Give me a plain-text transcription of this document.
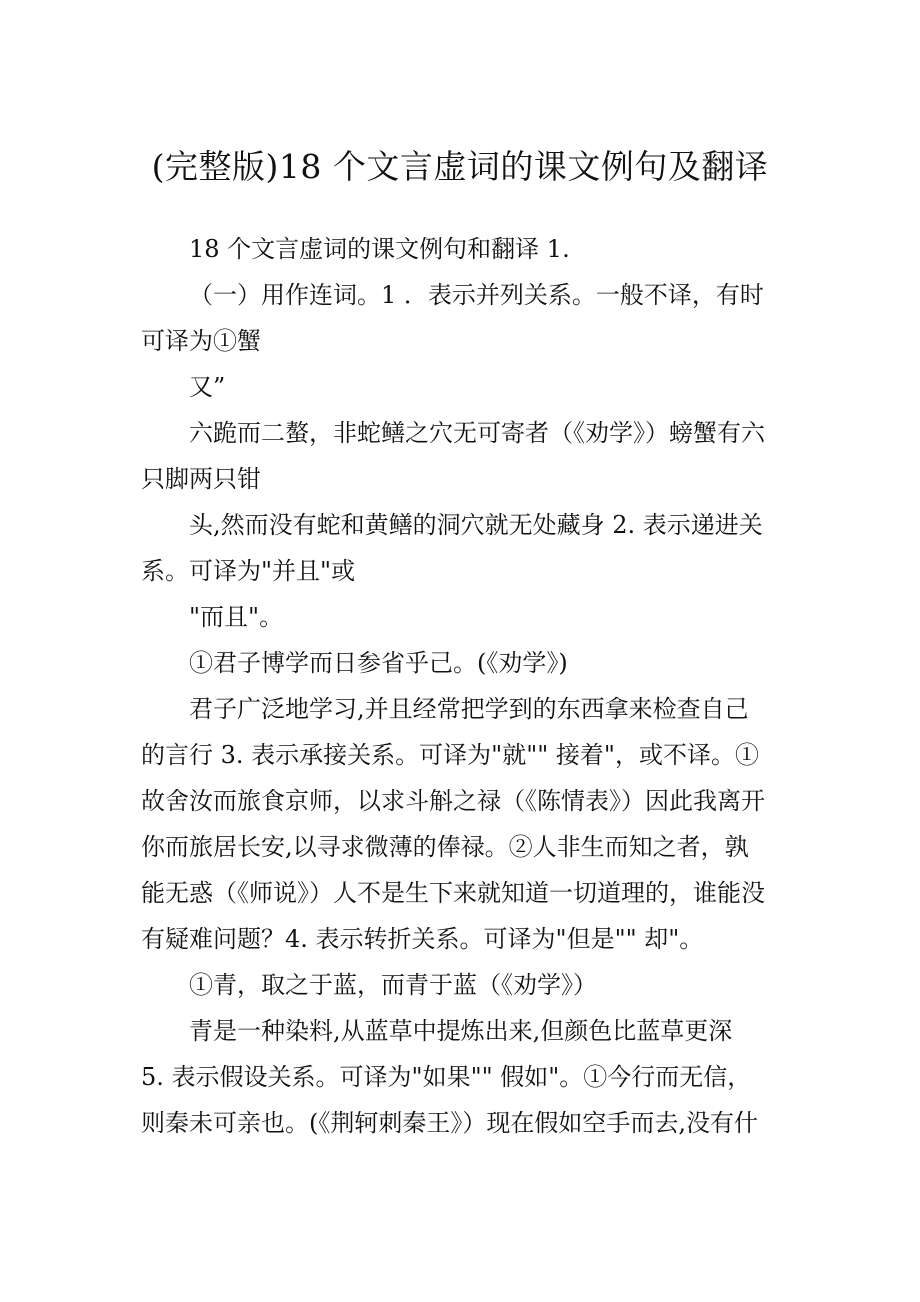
(完整版)18 个文言虚词的课文例句及翻译

18 个文言虚词的课文例句和翻译 1.

（一）用作连词。1 ．表示并列关系。一般不译，有时
可译为①蟹

又”

六跪而二螯，非蛇鳝之穴无可寄者（《劝学》）螃蟹有六
只脚两只钳

头,然而没有蛇和黄鳝的洞穴就无处藏身 2. 表示递进关
系。可译为"并且"或

"而且"。

①君子博学而日参省乎己。(《劝学》)

君子广泛地学习,并且经常把学到的东西拿来检查自己
的言行 3. 表示承接关系。可译为"就"" 接着"，或不译。①
故舍汝而旅食京师，以求斗斛之禄（《陈情表》）因此我离开
你而旅居长安,以寻求微薄的俸禄。②人非生而知之者，孰
能无惑（《师说》）人不是生下来就知道一切道理的，谁能没
有疑难问题？4. 表示转折关系。可译为"但是"" 却"。

①青，取之于蓝，而青于蓝（《劝学》）

青是一种染料,从蓝草中提炼出来,但颜色比蓝草更深
5. 表示假设关系。可译为"如果"" 假如"。①今行而无信，
则秦未可亲也。(《荆轲刺秦王》）现在假如空手而去,没有什
